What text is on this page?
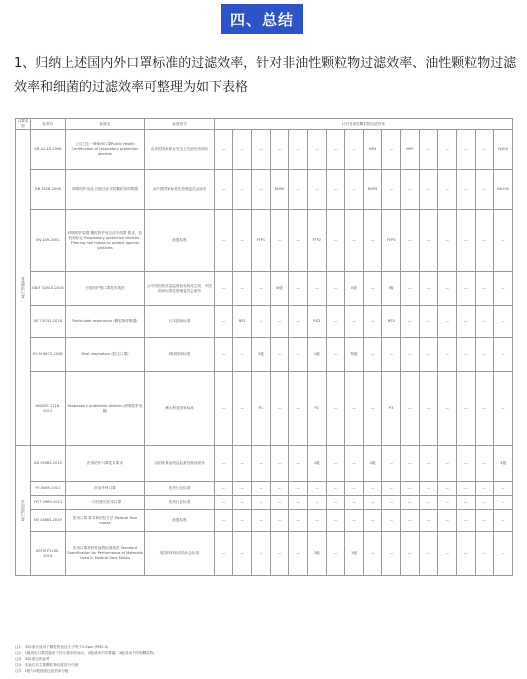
四、总结
1、归纳上述国内外口罩标准的过滤效率，针对非油性颗粒物过滤效率、油性颗粒物过滤效率和细菌的过滤效率可整理为如下表格
口罩类型	标准号	标准名	标准形式	针对非油性颗粒物过滤效率															
普通防护口罩	GB 42-49-2006	公共卫生一般N95口罩Public Health Certification of respiratory protection devices	由美国国家职业安全卫生研究所颁布	—	—	—	—	—	—	—	—	N95	—	N99	—	—	—	—	N100
	GB 2626-2006	呼吸防护用品 自吸过滤式防颗粒物呼吸器	由中国国家标准化管理委员会颁布	—	—	—	KN90	—	—	—	—	KN95	—	—	—	—	—	—	KN100
	EN 149-2001	呼吸防护装置 颗粒防护用过滤半面罩 要求、检验和标记 Respiratory protective devices - Filtering half masks to protect against particles	欧盟标准	—	—	FFP1	—	—	FFP2	—	—	—	FFP3	—	—	—	—	—	—
	GB/T 32610-2016	日常防护型口罩技术规范	由中国国家质量监督检验检疫总局、中国国家标准化管理委员会颁布	—	—	—	III级	—	—	—	II级	—	I级	—	—	—	—	—	—
	JIS T 8151-2018	Particulate respirators (颗粒物呼吸器)	日本国家标准	—	RS1	—	—	—	RS2	—	—	—	RS3	—	—	—	—	—	—
	KS M 6673-2008	Dust respirators (防尘口罩)	韩国国家标准	—	—	2级	—	—	1级	—	特级	—	—	—	—	—	—	—	—
	AS/NZS 1716-2012	Respiratory protective devices (呼吸防护装置)	澳大利亚国家标准	—	—	P1	—	—	P2	—	—	—	P3	—	—	—	—	—	—
医用防护口罩	GB 19083-2010	医用防护口罩技术要求	由国家食品药品监督管理局颁布	—	—	—	—	—	1级	—	—	2级	—	—	—	—	—	—	3级
	YY 0469-2011	医用外科口罩	医药行业标准	—	—	—	—	—	—	—	—	—	—	—	—	—	—	—	—
	YY/T 0969-2013	一次性使用医用口罩	医药行业标准	—	—	—	—	—	—	—	—	—	—	—	—	—	—	—	—
	EN 14683-2019	医用口罩 要求和试验方法 Medical face masks	欧盟标准	—	—	—	—	—	—	—	—	—	—	—	—	—	—	—	—
	ASTM F2100-2019	医用口罩材料性能的标准规范 Standard Specification for Performance of Materials Used in Medical Face Masks	美国材料和试验协会标准	—	—	—	—	—	1级	—	2级	—	—	—	—	—	—	—	—
注1：本标准仅适用于颗粒物直径小于等于2.5μm (PM2.5)
注2：1级适用口罩性能用于防尘要求的场合，2级适用于防雾霾，3级适用于防细颗粒物。
注3：本标准仅供参考
注4：本表仅对主要颗粒物标准进行归纳
注5：1级与2级按照过滤效率分级
